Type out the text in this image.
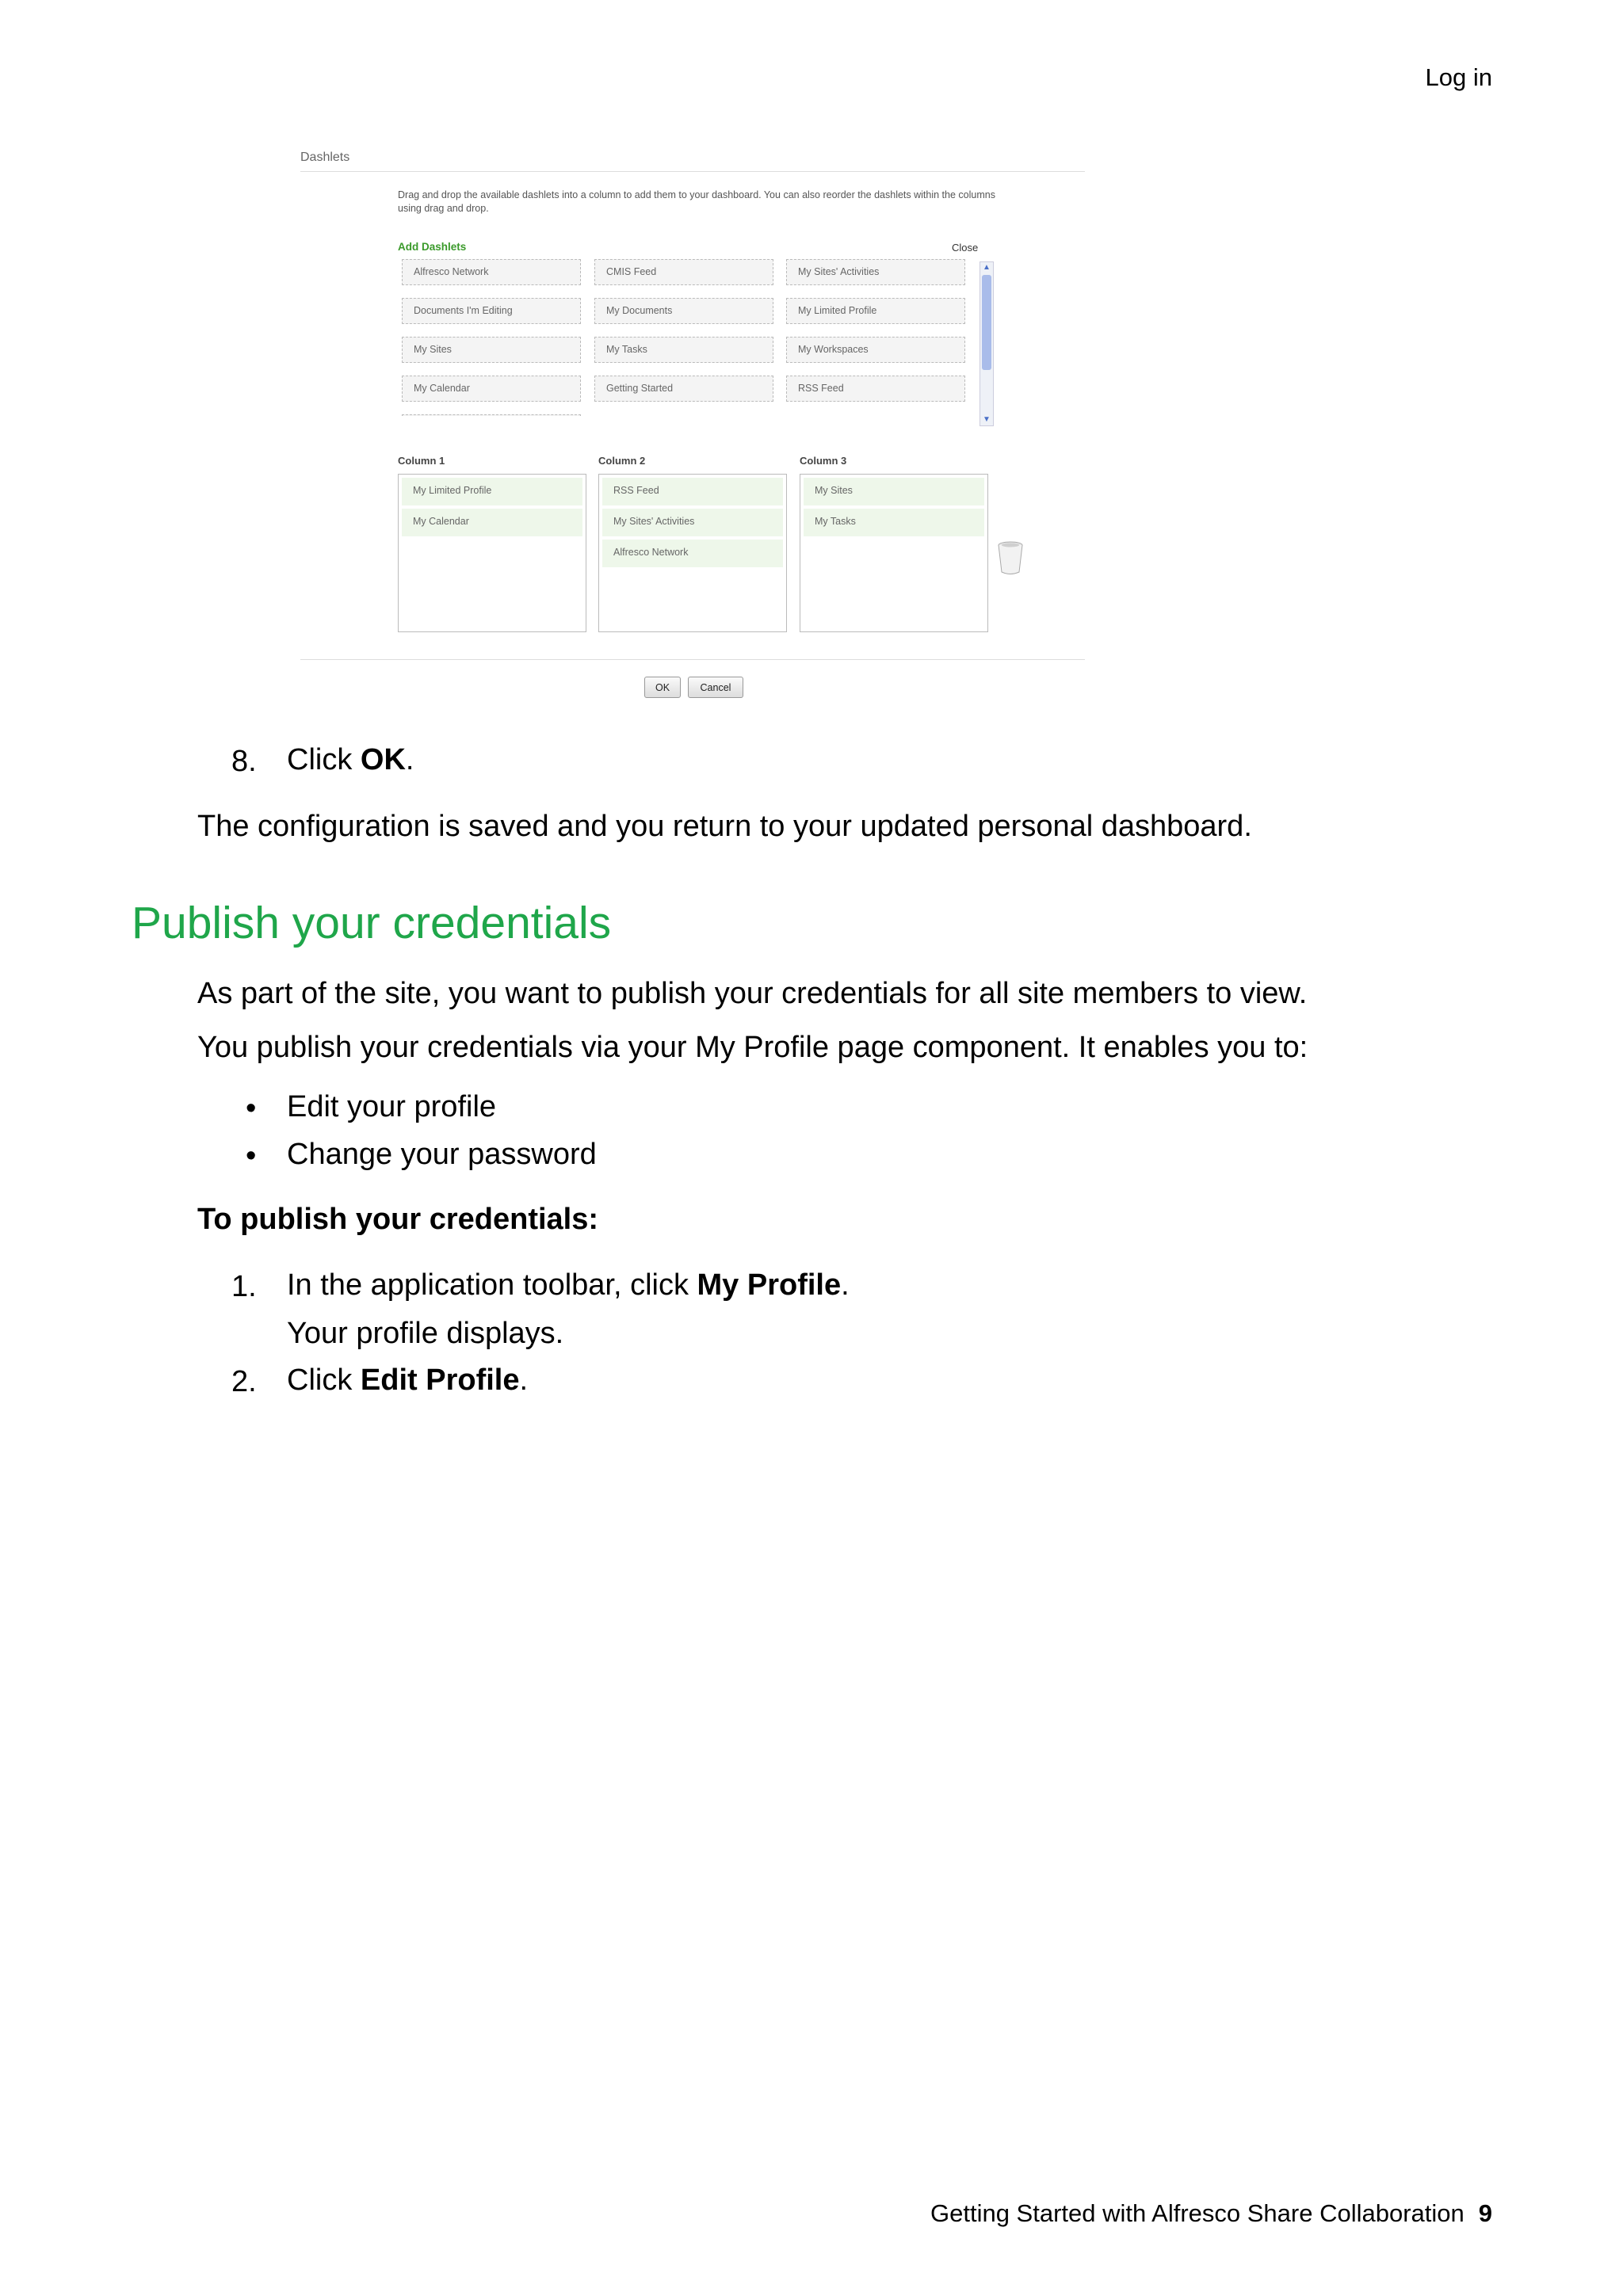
Log in
Dashlets
Drag and drop the available dashlets into a column to add them to your dashboard. You can also reorder the dashlets within the columns using drag and drop.
Add Dashlets	Close
Alfresco Network	CMIS Feed	My Sites' Activities
Documents I'm Editing	My Documents	My Limited Profile
My Sites	My Tasks	My Workspaces
My Calendar	Getting Started	RSS Feed
▲
▼
Column 1	Column 2	Column 3
My Limited Profile
My Calendar
RSS Feed
My Sites' Activities
Alfresco Network
My Sites
My Tasks
OK	Cancel
8. Click OK.
The configuration is saved and you return to your updated personal dashboard.
Publish your credentials
As part of the site, you want to publish your credentials for all site members to view.
You publish your credentials via your My Profile page component. It enables you to:
• Edit your profile
• Change your password
To publish your credentials:
1. In the application toolbar, click My Profile.
Your profile displays.
2. Click Edit Profile.
Getting Started with Alfresco Share Collaboration 9
